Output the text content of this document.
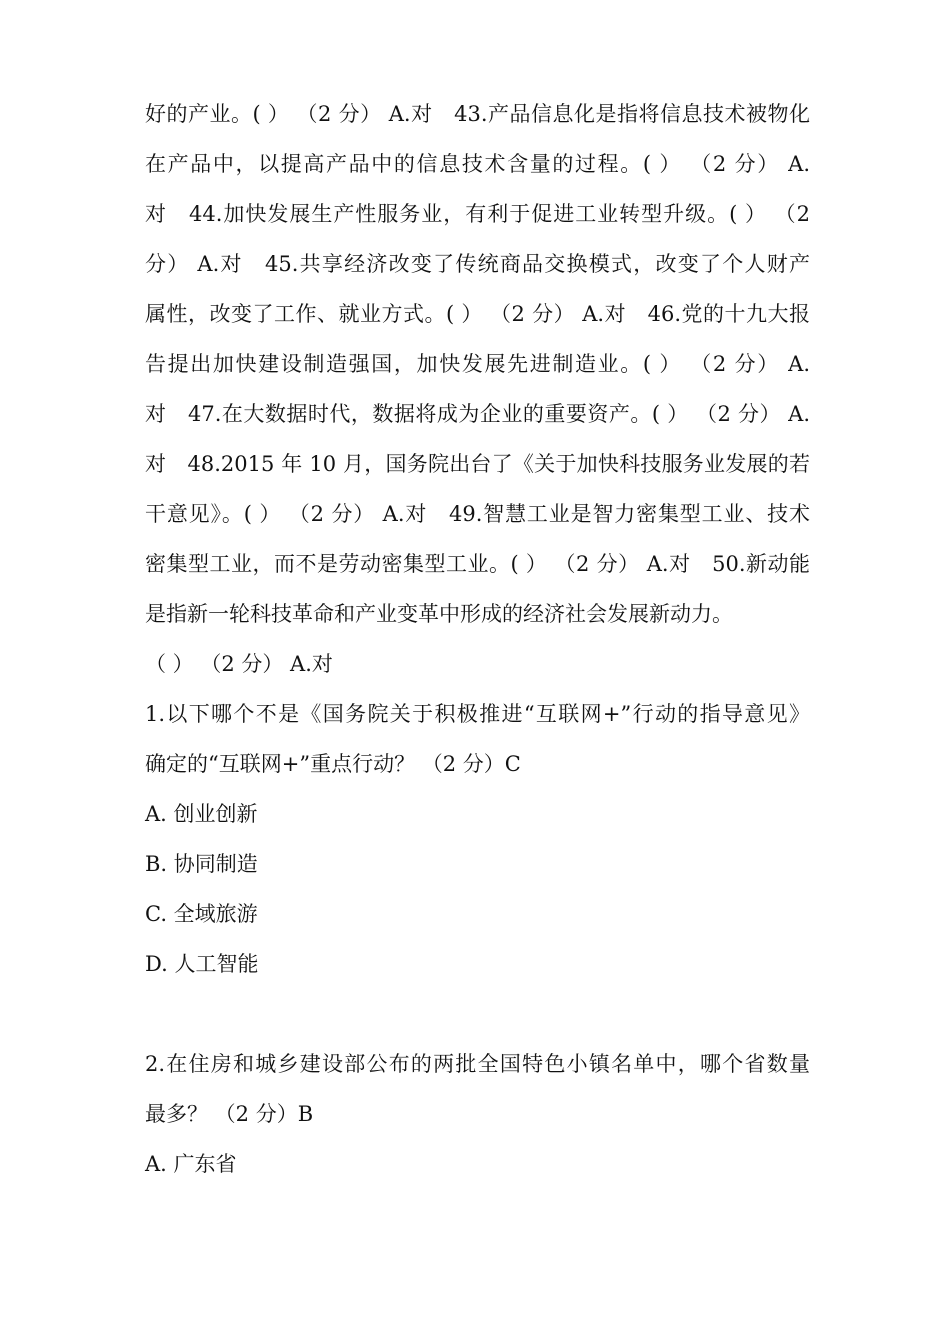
好的产业。( ） （2 分） A.对　43.产品信息化是指将信息技术被物化
在产品中，以提高产品中的信息技术含量的过程。( ） （2 分） A.
对　44.加快发展生产性服务业，有利于促进工业转型升级。( ） （2
分） A.对　45.共享经济改变了传统商品交换模式，改变了个人财产
属性，改变了工作、就业方式。( ） （2 分） A.对　46.党的十九大报
告提出加快建设制造强国，加快发展先进制造业。( ） （2 分） A.
对　47.在大数据时代，数据将成为企业的重要资产。( ） （2 分） A.
对　48.2015 年 10 月，国务院出台了《关于加快科技服务业发展的若
干意见》。( ） （2 分） A.对　49.智慧工业是智力密集型工业、技术
密集型工业，而不是劳动密集型工业。( ） （2 分） A.对　50.新动能
是指新一轮科技革命和产业变革中形成的经济社会发展新动力。
（ ） （2 分） A.对
1.以下哪个不是《国务院关于积极推进“互联网+”行动的指导意见》
确定的“互联网+”重点行动？ （2 分）C
A. 创业创新
B. 协同制造
C. 全域旅游
D. 人工智能
2.在住房和城乡建设部公布的两批全国特色小镇名单中，哪个省数量
最多？ （2 分）B
A. 广东省
